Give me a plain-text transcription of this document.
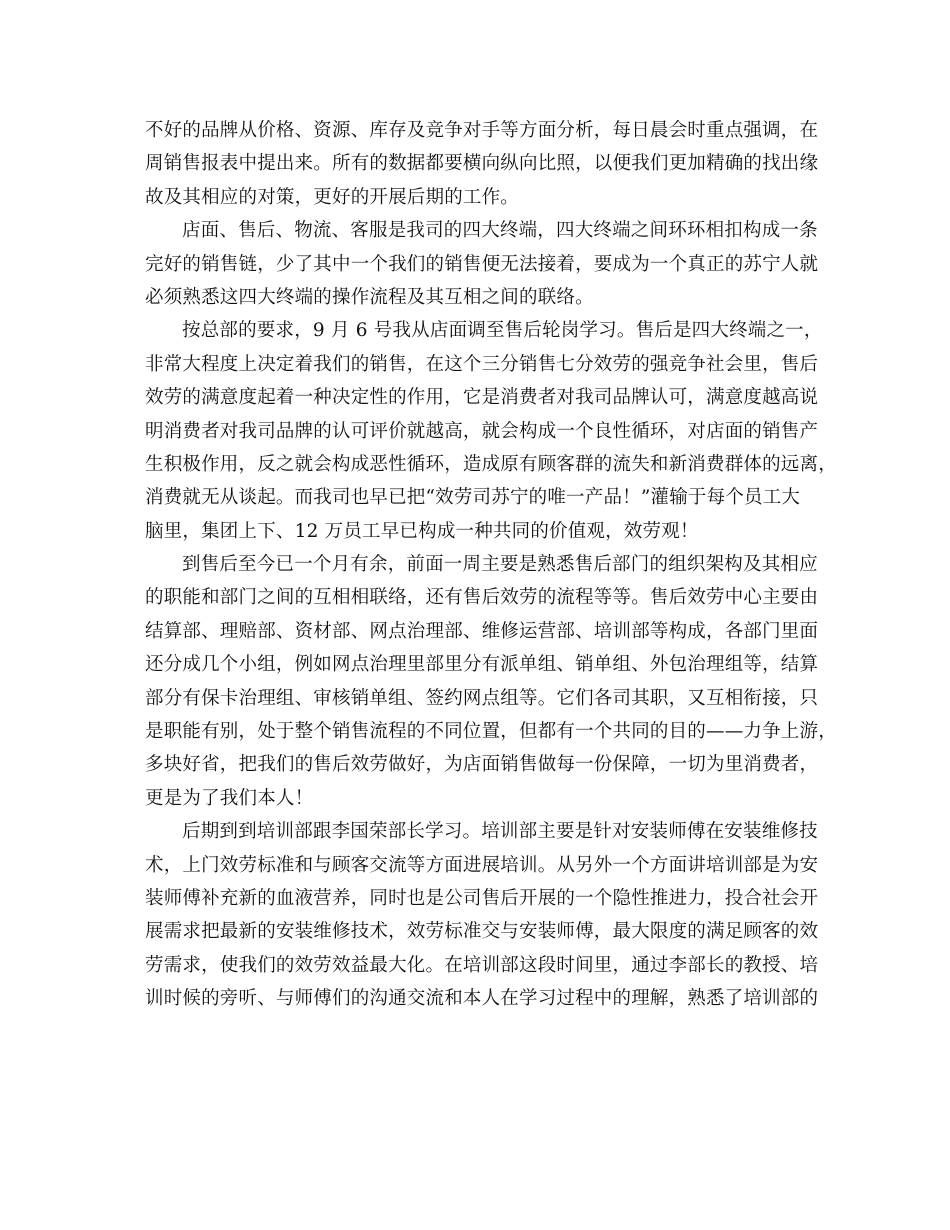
不好的品牌从价格、资源、库存及竞争对手等方面分析，每日晨会时重点强调，在
周销售报表中提出来。所有的数据都要横向纵向比照，以便我们更加精确的找出缘
故及其相应的对策，更好的开展后期的工作。
店面、售后、物流、客服是我司的四大终端，四大终端之间环环相扣构成一条
完好的销售链，少了其中一个我们的销售便无法接着，要成为一个真正的苏宁人就
必须熟悉这四大终端的操作流程及其互相之间的联络。
按总部的要求，9 月 6 号我从店面调至售后轮岗学习。售后是四大终端之一，
非常大程度上决定着我们的销售，在这个三分销售七分效劳的强竞争社会里，售后
效劳的满意度起着一种决定性的作用，它是消费者对我司品牌认可，满意度越高说
明消费者对我司品牌的认可评价就越高，就会构成一个良性循环，对店面的销售产
生积极作用，反之就会构成恶性循环，造成原有顾客群的流失和新消费群体的远离，
消费就无从谈起。而我司也早已把“效劳司苏宁的唯一产品！”灌输于每个员工大
脑里，集团上下、12 万员工早已构成一种共同的价值观，效劳观！
到售后至今已一个月有余，前面一周主要是熟悉售后部门的组织架构及其相应
的职能和部门之间的互相相联络，还有售后效劳的流程等等。售后效劳中心主要由
结算部、理赔部、资材部、网点治理部、维修运营部、培训部等构成，各部门里面
还分成几个小组，例如网点治理里部里分有派单组、销单组、外包治理组等，结算
部分有保卡治理组、审核销单组、签约网点组等。它们各司其职，又互相衔接，只
是职能有别，处于整个销售流程的不同位置，但都有一个共同的目的——力争上游，
多块好省，把我们的售后效劳做好，为店面销售做每一份保障，一切为里消费者，
更是为了我们本人！
后期到到培训部跟李国荣部长学习。培训部主要是针对安装师傅在安装维修技
术，上门效劳标准和与顾客交流等方面进展培训。从另外一个方面讲培训部是为安
装师傅补充新的血液营养，同时也是公司售后开展的一个隐性推进力，投合社会开
展需求把最新的安装维修技术，效劳标准交与安装师傅，最大限度的满足顾客的效
劳需求，使我们的效劳效益最大化。在培训部这段时间里，通过李部长的教授、培
训时候的旁听、与师傅们的沟通交流和本人在学习过程中的理解，熟悉了培训部的
